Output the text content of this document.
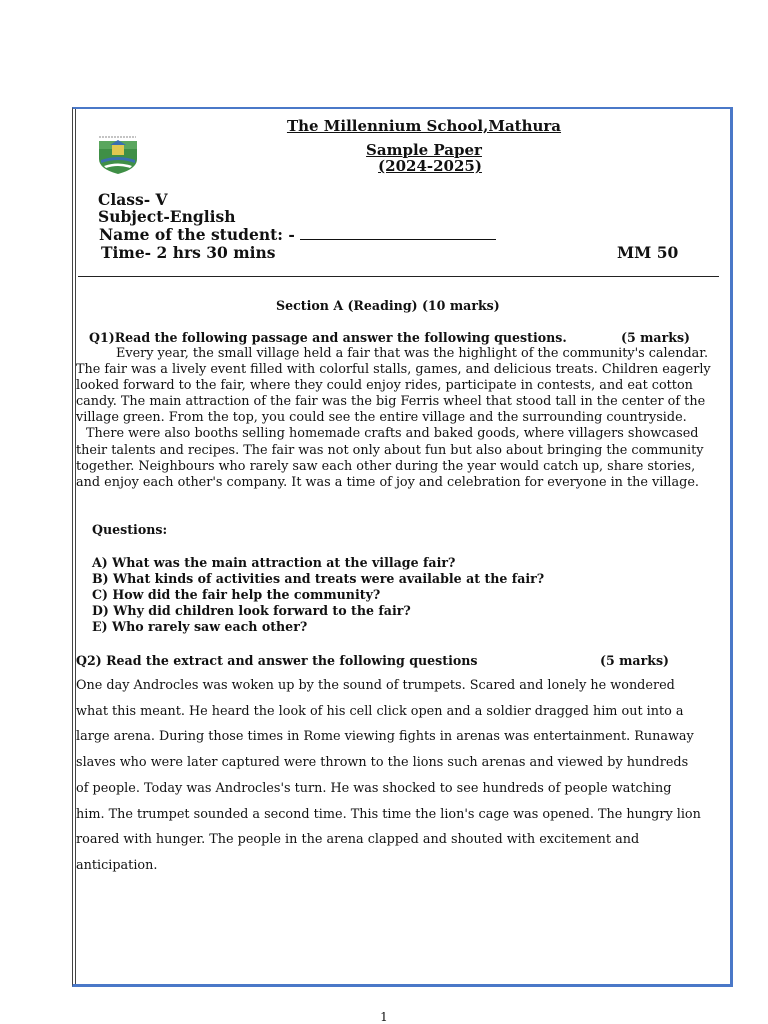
The Millennium School,Mathura
Sample Paper
(2024-2025)
Class- V
Subject-English
Name of the student: -
Time- 2 hrs 30 mins	MM 50
Section A (Reading) (10 marks)
Q1)Read the following passage and answer the following questions.	(5 marks)

Every year, the small village held a fair that was the highlight of the community's calendar. The fair was a lively event filled with colorful stalls, games, and delicious treats. Children eagerly looked forward to the fair, where they could enjoy rides, participate in contests, and eat cotton candy. The main attraction of the fair was the big Ferris wheel that stood tall in the center of the village green. From the top, you could see the entire village and the surrounding countryside.

There were also booths selling homemade crafts and baked goods, where villagers showcased their talents and recipes. The fair was not only about fun but also about bringing the community together. Neighbours who rarely saw each other during the year would catch up, share stories, and enjoy each other's company. It was a time of joy and celebration for everyone in the village.

Questions:
A) What was the main attraction at the village fair?
B) What kinds of activities and treats were available at the fair?
C) How did the fair help the community?
D) Why did children look forward to the fair?
E) Who rarely saw each other?
Q2) Read the extract and answer the following questions	(5 marks)

One day Androcles was woken up by the sound of trumpets. Scared and lonely he wondered what this meant. He heard the look of his cell click open and a soldier dragged him out into a large arena. During those times in Rome viewing fights in arenas was entertainment. Runaway slaves who were later captured were thrown to the lions such arenas and viewed by hundreds of people. Today was Androcles's turn. He was shocked to see hundreds of people watching him. The trumpet sounded a second time. This time the lion's cage was opened. The hungry lion roared with hunger. The people in the arena clapped and shouted with excitement and anticipation.

1
